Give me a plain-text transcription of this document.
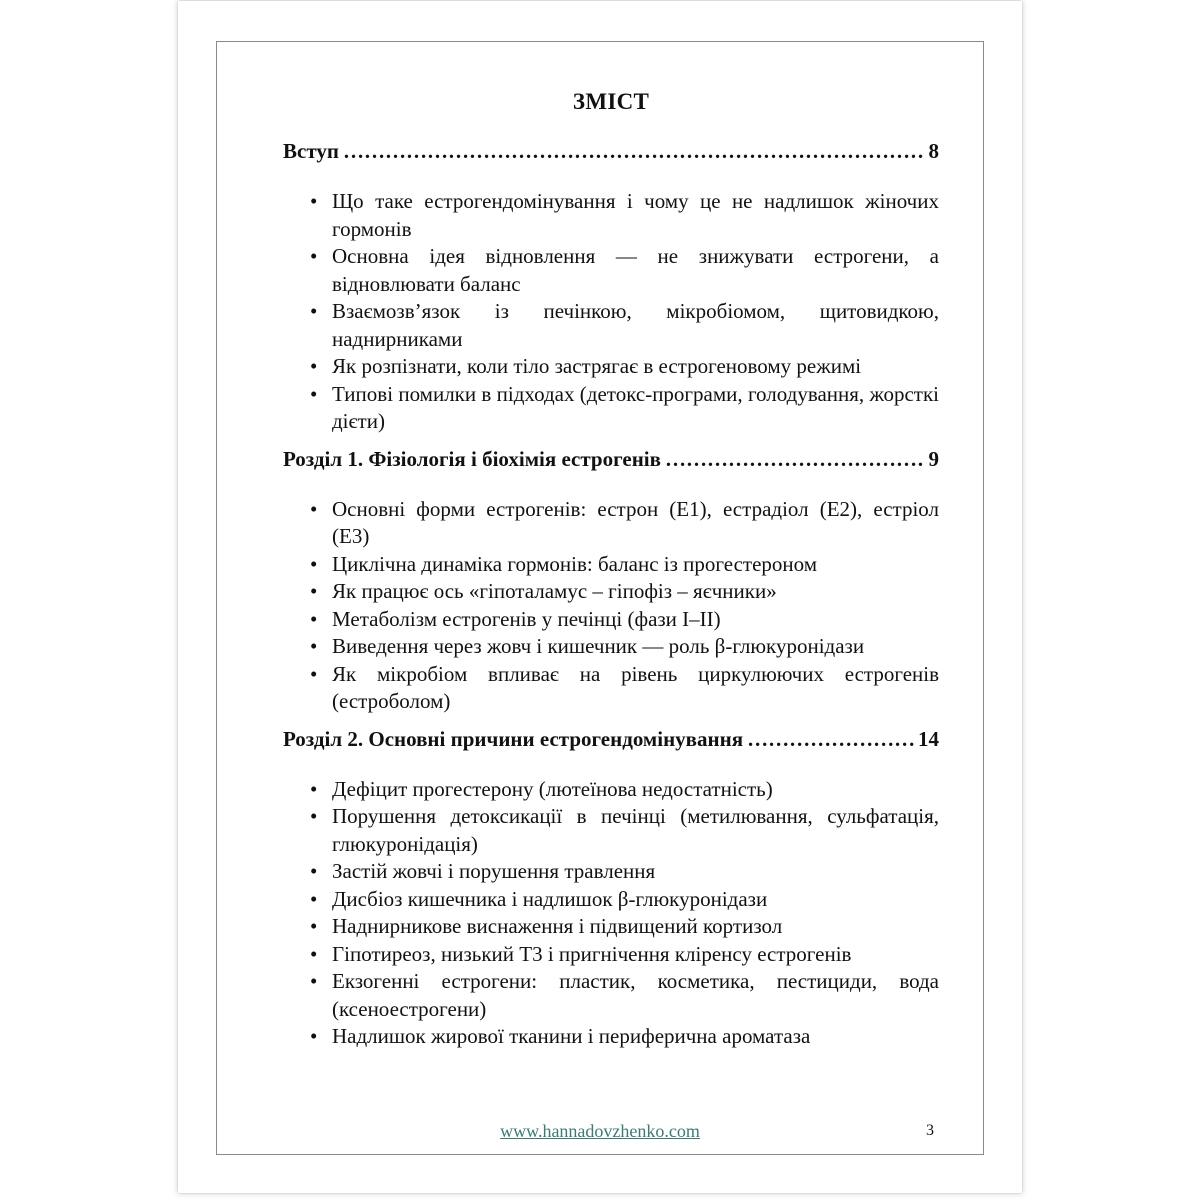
ЗМІСТ
Вступ ………………………………………………………………………………………………………………………………	8
• Що таке естрогендомінування і чому це не надлишок жіночих гормонів
• Основна ідея відновлення — не знижувати естрогени, а відновлювати баланс
• Взаємозв’язок із печінкою, мікробіомом, щитовидкою, наднирниками
• Як розпізнати, коли тіло застрягає в естрогеновому режимі
• Типові помилки в підходах (детокс-програми, голодування, жорсткі дієти)
Розділ 1. Фізіологія і біохімія естрогенів ………………………………………………………………………………………………………………………………	9
• Основні форми естрогенів: естрон (Е1), естрадіол (Е2), естріол (Е3)
• Циклічна динаміка гормонів: баланс із прогестероном
• Як працює ось «гіпоталамус – гіпофіз – яєчники»
• Метаболізм естрогенів у печінці (фази I–II)
• Виведення через жовч і кишечник — роль β-глюкуронідази
• Як мікробіом впливає на рівень циркулюючих естрогенів (естроболом)
Розділ 2. Основні причини естрогендомінування ………………………………………………………………………………………………………………………………	14
• Дефіцит прогестерону (лютеїнова недостатність)
• Порушення детоксикації в печінці (метилювання, сульфатація, глюкуронідація)
• Застій жовчі і порушення травлення
• Дисбіоз кишечника і надлишок β-глюкуронідази
• Наднирникове виснаження і підвищений кортизол
• Гіпотиреоз, низький Т3 і пригнічення кліренсу естрогенів
• Екзогенні естрогени: пластик, косметика, пестициди, вода (ксеноестрогени)
• Надлишок жирової тканини і периферична ароматаза
www.hannadovzhenko.com	3
